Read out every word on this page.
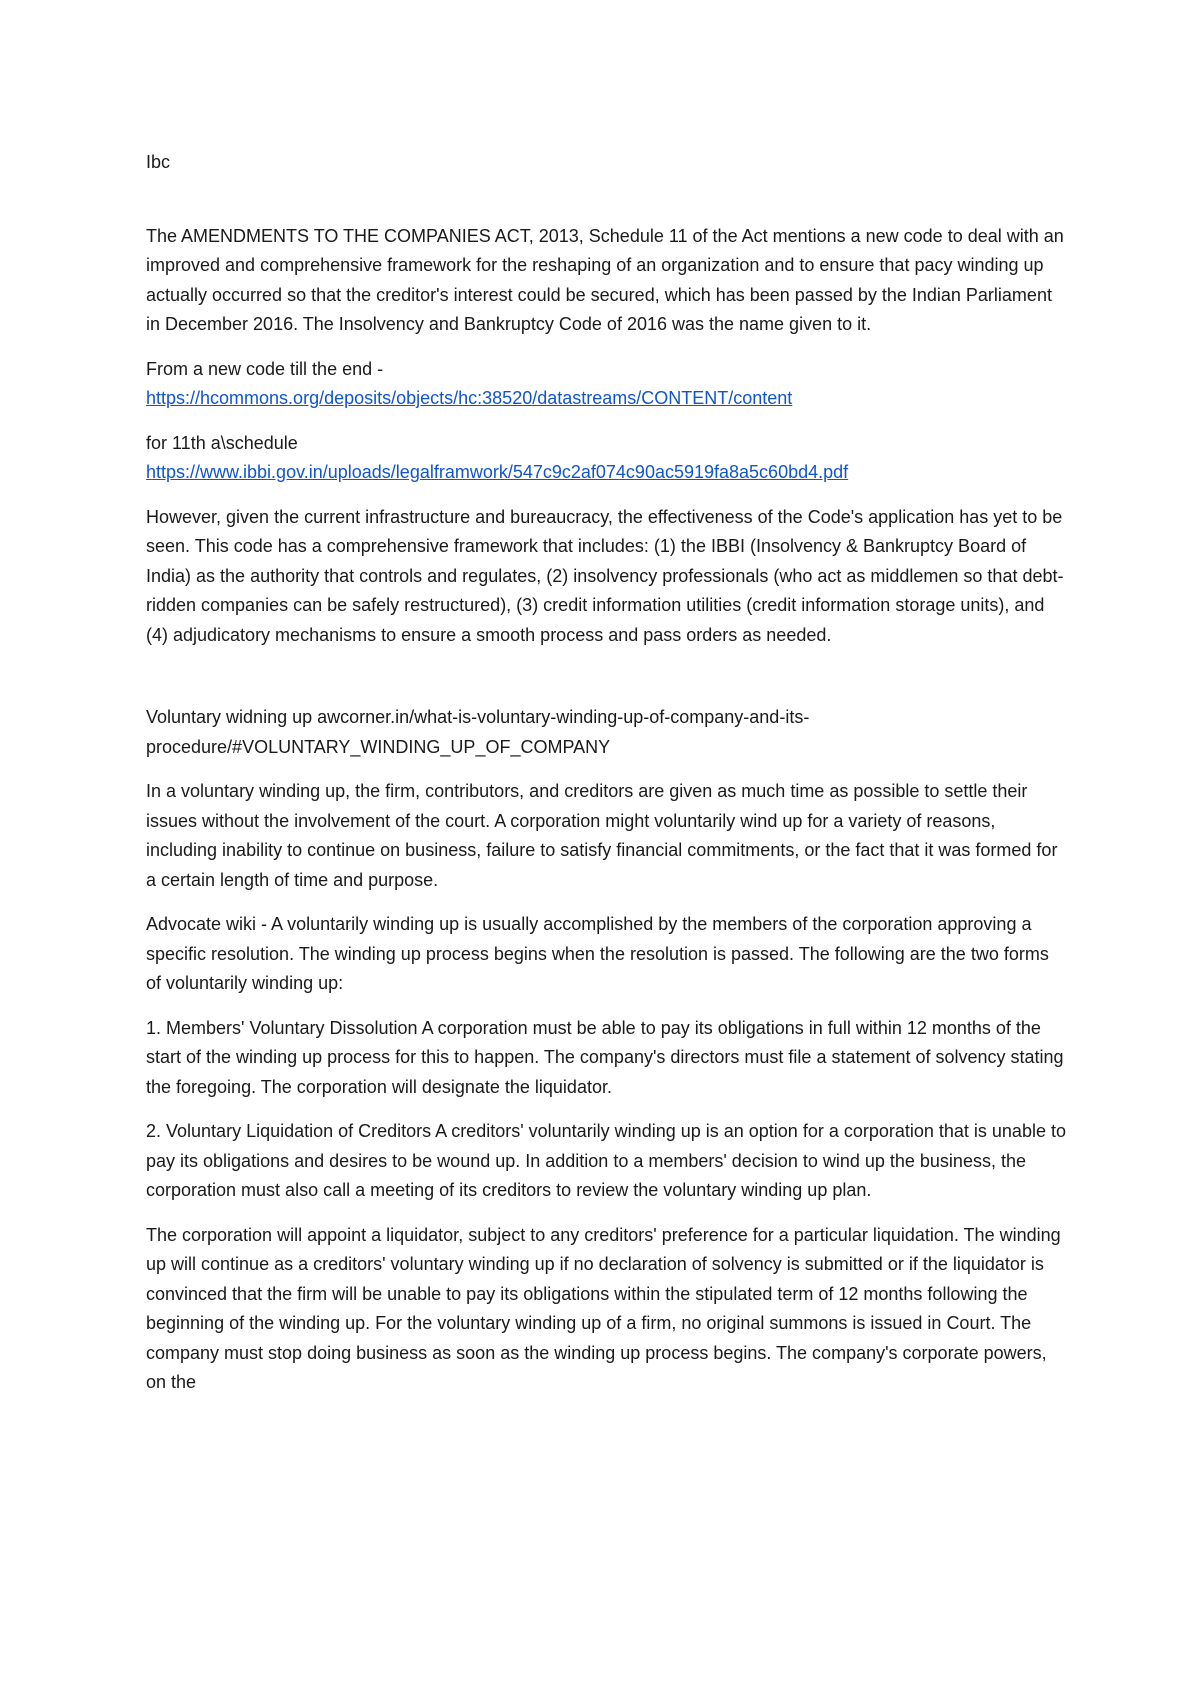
Ibc

The AMENDMENTS TO THE COMPANIES ACT, 2013, Schedule 11 of the Act mentions a new code to deal with an improved and comprehensive framework for the reshaping of an organization and to ensure that pacy winding up actually occurred so that the creditor's interest could be secured, which has been passed by the Indian Parliament in December 2016. The Insolvency and Bankruptcy Code of 2016 was the name given to it.

From a new code till the end -
https://hcommons.org/deposits/objects/hc:38520/datastreams/CONTENT/content

for 11th a\schedule
https://www.ibbi.gov.in/uploads/legalframwork/547c9c2af074c90ac5919fa8a5c60bd4.pdf

However, given the current infrastructure and bureaucracy, the effectiveness of the Code's application has yet to be seen. This code has a comprehensive framework that includes: (1) the IBBI (Insolvency & Bankruptcy Board of India) as the authority that controls and regulates, (2) insolvency professionals (who act as middlemen so that debt-ridden companies can be safely restructured), (3) credit information utilities (credit information storage units), and (4) adjudicatory mechanisms to ensure a smooth process and pass orders as needed.

Voluntary widning up awcorner.in/what-is-voluntary-winding-up-of-company-and-its-procedure/#VOLUNTARY_WINDING_UP_OF_COMPANY

In a voluntary winding up, the firm, contributors, and creditors are given as much time as possible to settle their issues without the involvement of the court. A corporation might voluntarily wind up for a variety of reasons, including inability to continue on business, failure to satisfy financial commitments, or the fact that it was formed for a certain length of time and purpose.

Advocate wiki - A voluntarily winding up is usually accomplished by the members of the corporation approving a specific resolution. The winding up process begins when the resolution is passed. The following are the two forms of voluntarily winding up:

1. Members' Voluntary Dissolution A corporation must be able to pay its obligations in full within 12 months of the start of the winding up process for this to happen. The company's directors must file a statement of solvency stating the foregoing. The corporation will designate the liquidator.

2. Voluntary Liquidation of Creditors A creditors' voluntarily winding up is an option for a corporation that is unable to pay its obligations and desires to be wound up. In addition to a members' decision to wind up the business, the corporation must also call a meeting of its creditors to review the voluntary winding up plan.

The corporation will appoint a liquidator, subject to any creditors' preference for a particular liquidation. The winding up will continue as a creditors' voluntary winding up if no declaration of solvency is submitted or if the liquidator is convinced that the firm will be unable to pay its obligations within the stipulated term of 12 months following the beginning of the winding up. For the voluntary winding up of a firm, no original summons is issued in Court. The company must stop doing business as soon as the winding up process begins. The company's corporate powers, on the
